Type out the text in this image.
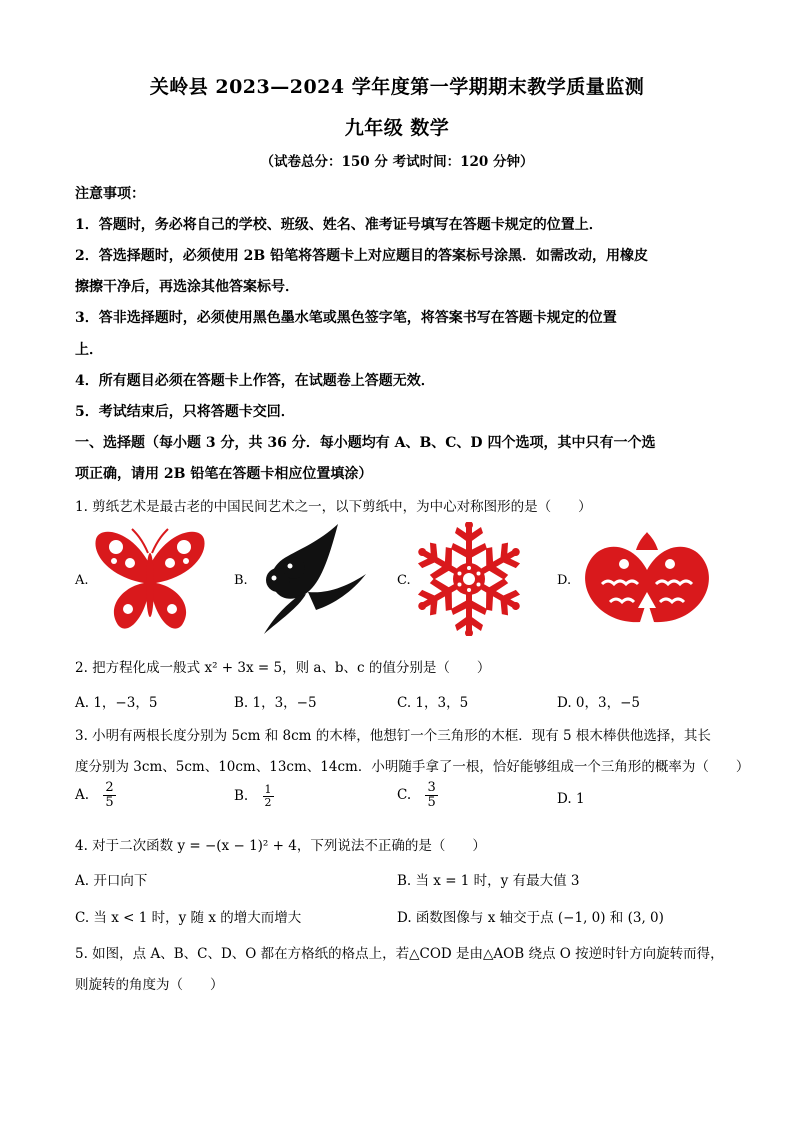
关岭县 2023—2024 学年度第一学期期末教学质量监测
九年级 数学
（试卷总分：150 分 考试时间：120 分钟）
注意事项：
1．答题时，务必将自己的学校、班级、姓名、准考证号填写在答题卡规定的位置上．
2．答选择题时，必须使用 2B 铅笔将答题卡上对应题目的答案标号涂黑．如需改动，用橡皮
擦擦干净后，再选涂其他答案标号．
3．答非选择题时，必须使用黑色墨水笔或黑色签字笔，将答案书写在答题卡规定的位置
上．
4．所有题目必须在答题卡上作答，在试题卷上答题无效．
5．考试结束后，只将答题卡交回．
一、选择题（每小题 3 分，共 36 分．每小题均有 A、B、C、D 四个选项，其中只有一个选
项正确，请用 2B 铅笔在答题卡相应位置填涂）
1. 剪纸艺术是最古老的中国民间艺术之一，以下剪纸中，为中心对称图形的是（　　）
A.	B.	C.	D.
2. 把方程化成一般式 x² + 3x = 5，则 a、b、c 的值分别是（　　）
A. 1，−3，5	B. 1，3，−5	C. 1，3，5	D. 0，3，−5
3. 小明有两根长度分别为 5cm 和 8cm 的木棒，他想钉一个三角形的木框．现有 5 根木棒供他选择，其长
度分别为 3cm、5cm、10cm、13cm、14cm．小明随手拿了一根，恰好能够组成一个三角形的概率为（　　）
A. $\frac{2}{5}$	B. $\frac{1}{2}$	C. $\frac{3}{5}$	D. 1
4. 对于二次函数 y = −(x − 1)² + 4，下列说法不正确的是（　　）
A. 开口向下	B. 当 x = 1 时，y 有最大值 3
C. 当 x < 1 时，y 随 x 的增大而增大	D. 函数图像与 x 轴交于点 (−1, 0) 和 (3, 0)
5. 如图，点 A、B、C、D、O 都在方格纸的格点上，若△COD 是由△AOB 绕点 O 按逆时针方向旋转而得，
则旋转的角度为（　　）
